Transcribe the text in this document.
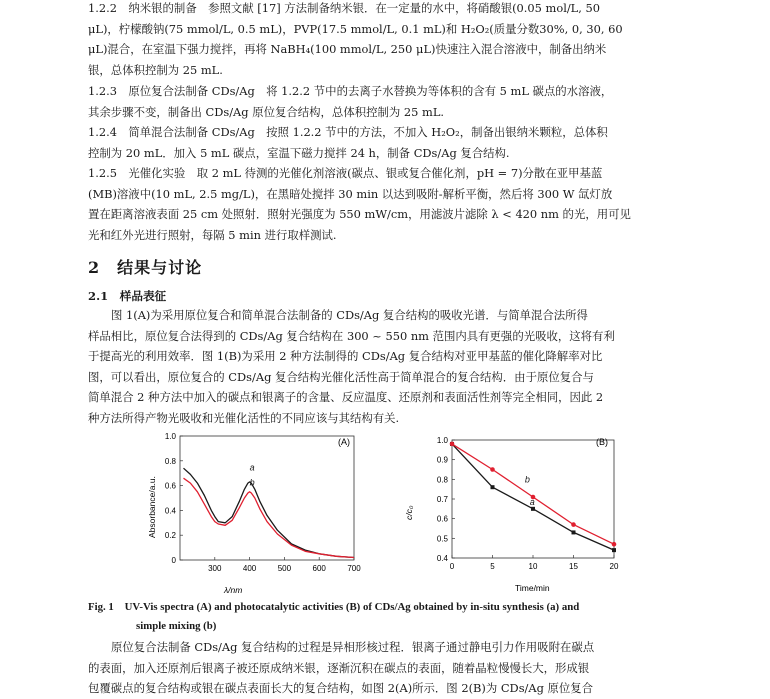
1.2.2　纳米银的制备　参照文献 [17] 方法制备纳米银．在一定量的水中，将硝酸银(0.05 mol/L, 50
μL)，柠檬酸钠(75 mmol/L, 0.5 mL)，PVP(17.5 mmol/L, 0.1 mL)和 H₂O₂(质量分数30%, 0, 30, 60
μL)混合，在室温下强力搅拌，再将 NaBH₄(100 mmol/L, 250 μL)快速注入混合溶液中，制备出纳米
银，总体积控制为 25 mL.

1.2.3　原位复合法制备 CDs/Ag　将 1.2.2 节中的去离子水替换为等体积的含有 5 mL 碳点的水溶液，
其余步骤不变，制备出 CDs/Ag 原位复合结构，总体积控制为 25 mL.

1.2.4　简单混合法制备 CDs/Ag　按照 1.2.2 节中的方法，不加入 H₂O₂，制备出银纳米颗粒，总体积
控制为 20 mL．加入 5 mL 碳点，室温下磁力搅拌 24 h，制备 CDs/Ag 复合结构.

1.2.5　光催化实验　取 2 mL 待测的光催化剂溶液(碳点、银或复合催化剂，pH = 7)分散在亚甲基蓝
(MB)溶液中(10 mL, 2.5 mg/L)，在黑暗处搅拌 30 min 以达到吸附-解析平衡，然后将 300 W 氙灯放
置在距离溶液表面 25 cm 处照射．照射光强度为 550 mW/cm，用滤波片滤除 λ < 420 nm 的光，用可见
光和红外光进行照射，每隔 5 min 进行取样测试.

2　结果与讨论
2.1　样品表征

图 1(A)为采用原位复合和简单混合法制备的 CDs/Ag 复合结构的吸收光谱．与简单混合法所得
样品相比，原位复合法得到的 CDs/Ag 复合结构在 300 ~ 550 nm 范围内具有更强的光吸收，这将有利
于提高光的利用效率．图 1(B)为采用 2 种方法制得的 CDs/Ag 复合结构对亚甲基蓝的催化降解率对比
图，可以看出，原位复合的 CDs/Ag 复合结构光催化活性高于简单混合的复合结构．由于原位复合与
简单混合 2 种方法中加入的碳点和银离子的含量、反应温度、还原剂和表面活性剂等完全相同，因此 2
种方法所得产物光吸收和光催化活性的不同应该与其结构有关.

300	400	500	600	700
0
0.2
0.4
0.6
0.8
1.0
(A)
λ/nm
Absorbance/a.u.
a
b
0	5	10	15	20
0.4
0.5
0.6
0.7
0.8
0.9
1.0	(B)
Time/min
c/c₀
a
b
Fig. 1　UV-Vis spectra (A) and photocatalytic activities (B) of CDs/Ag obtained by in-situ synthesis (a) and
simple mixing (b)

原位复合法制备 CDs/Ag 复合结构的过程是异相形核过程．银离子通过静电引力作用吸附在碳点
的表面，加入还原剂后银离子被还原成纳米银，逐渐沉积在碳点的表面，随着晶粒慢慢长大，形成银
包覆碳点的复合结构或银在碳点表面长大的复合结构，如图 2(A)所示．图 2(B)为 CDs/Ag 原位复合
